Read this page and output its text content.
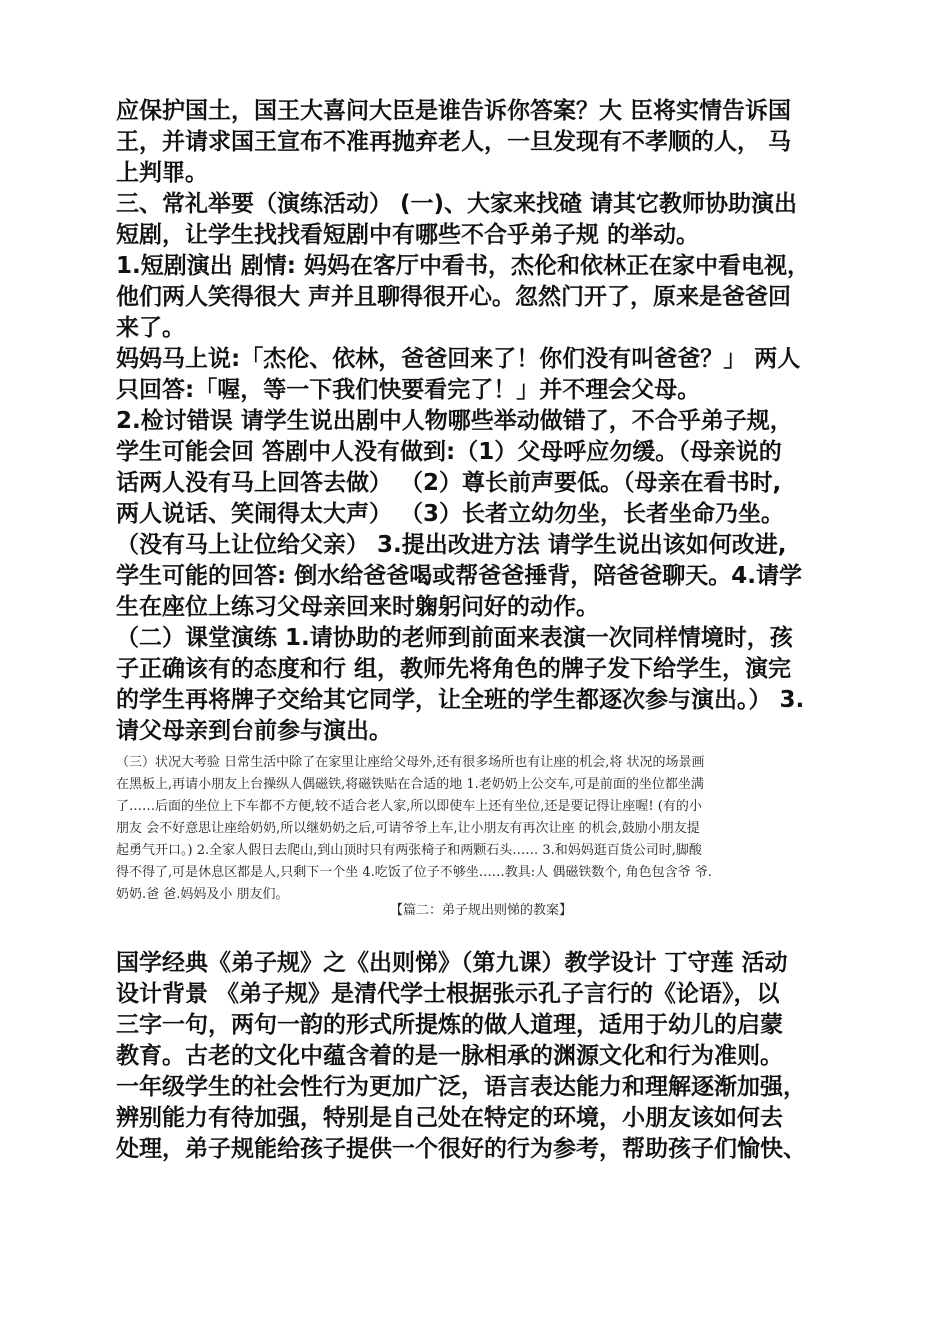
应保护国土，国王大喜问大臣是谁告诉你答案？大 臣将实情告诉国
王，并请求国王宣布不准再抛弃老人，一旦发现有不孝顺的人， 马
上判罪。
三、常礼举要（演练活动） (一)、大家来找碴 请其它教师协助演出
短剧，让学生找找看短剧中有哪些不合乎弟子规 的举动。
1.短剧演出 剧情: 妈妈在客厅中看书，杰伦和依林正在家中看电视，
他们两人笑得很大 声并且聊得很开心。忽然门开了，原来是爸爸回
来了。
妈妈马上说:「杰伦、依林，爸爸回来了！你们没有叫爸爸？」 两人
只回答:「喔，等一下我们快要看完了！」并不理会父母。
2.检讨错误 请学生说出剧中人物哪些举动做错了，不合乎弟子规，
学生可能会回 答剧中人没有做到:（1）父母呼应勿缓。（母亲说的
话两人没有马上回答去做） （2）尊长前声要低。（母亲在看书时,
两人说话、笑闹得太大声） （3）长者立幼勿坐，长者坐命乃坐。
（没有马上让位给父亲） 3.提出改进方法 请学生说出该如何改进,
学生可能的回答: 倒水给爸爸喝或帮爸爸捶背，陪爸爸聊天。4.请学
生在座位上练习父母亲回来时躹躬问好的动作。
（二）课堂演练 1.请协助的老师到前面来表演一次同样情境时，孩
子正确该有的态度和行 组，教师先将角色的牌子发下给学生，演完
的学生再将牌子交给其它同学，让全班的学生都逐次参与演出。） 3.
请父母亲到台前参与演出。
（三）状况大考验 日常生活中除了在家里让座给父母外,还有很多场所也有让座的机会,将 状况的场景画
在黑板上,再请小朋友上台操纵人偶磁铁,将磁铁贴在合适的地 1.老奶奶上公交车,可是前面的坐位都坐满
了……后面的坐位上下车都不方便,较不适合老人家,所以即使车上还有坐位,还是要记得让座喔! (有的小
朋友 会不好意思让座给奶奶,所以继奶奶之后,可请爷爷上车,让小朋友有再次让座 的机会,鼓励小朋友提
起勇气开口。) 2.全家人假日去爬山,到山顶时只有两张椅子和两颗石头…… 3.和妈妈逛百货公司时,脚酸
得不得了,可是休息区都是人,只剩下一个坐 4.吃饭了位子不够坐……教具:人 偶磁铁数个, 角色包含爷 爷.
奶奶.爸 爸.妈妈及小 朋友们。
【篇二：弟子规出则悌的教案】
国学经典《弟子规》之《出则悌》（第九课）教学设计 丁守莲 活动
设计背景 《弟子规》是清代学士根据张示孔子言行的《论语》，以
三字一句，两句一韵的形式所提炼的做人道理，适用于幼儿的启蒙
教育。古老的文化中蕴含着的是一脉相承的渊源文化和行为准则。
一年级学生的社会性行为更加广泛，语言表达能力和理解逐渐加强，
辨别能力有待加强，特别是自己处在特定的环境，小朋友该如何去
处理，弟子规能给孩子提供一个很好的行为参考，帮助孩子们愉快、
